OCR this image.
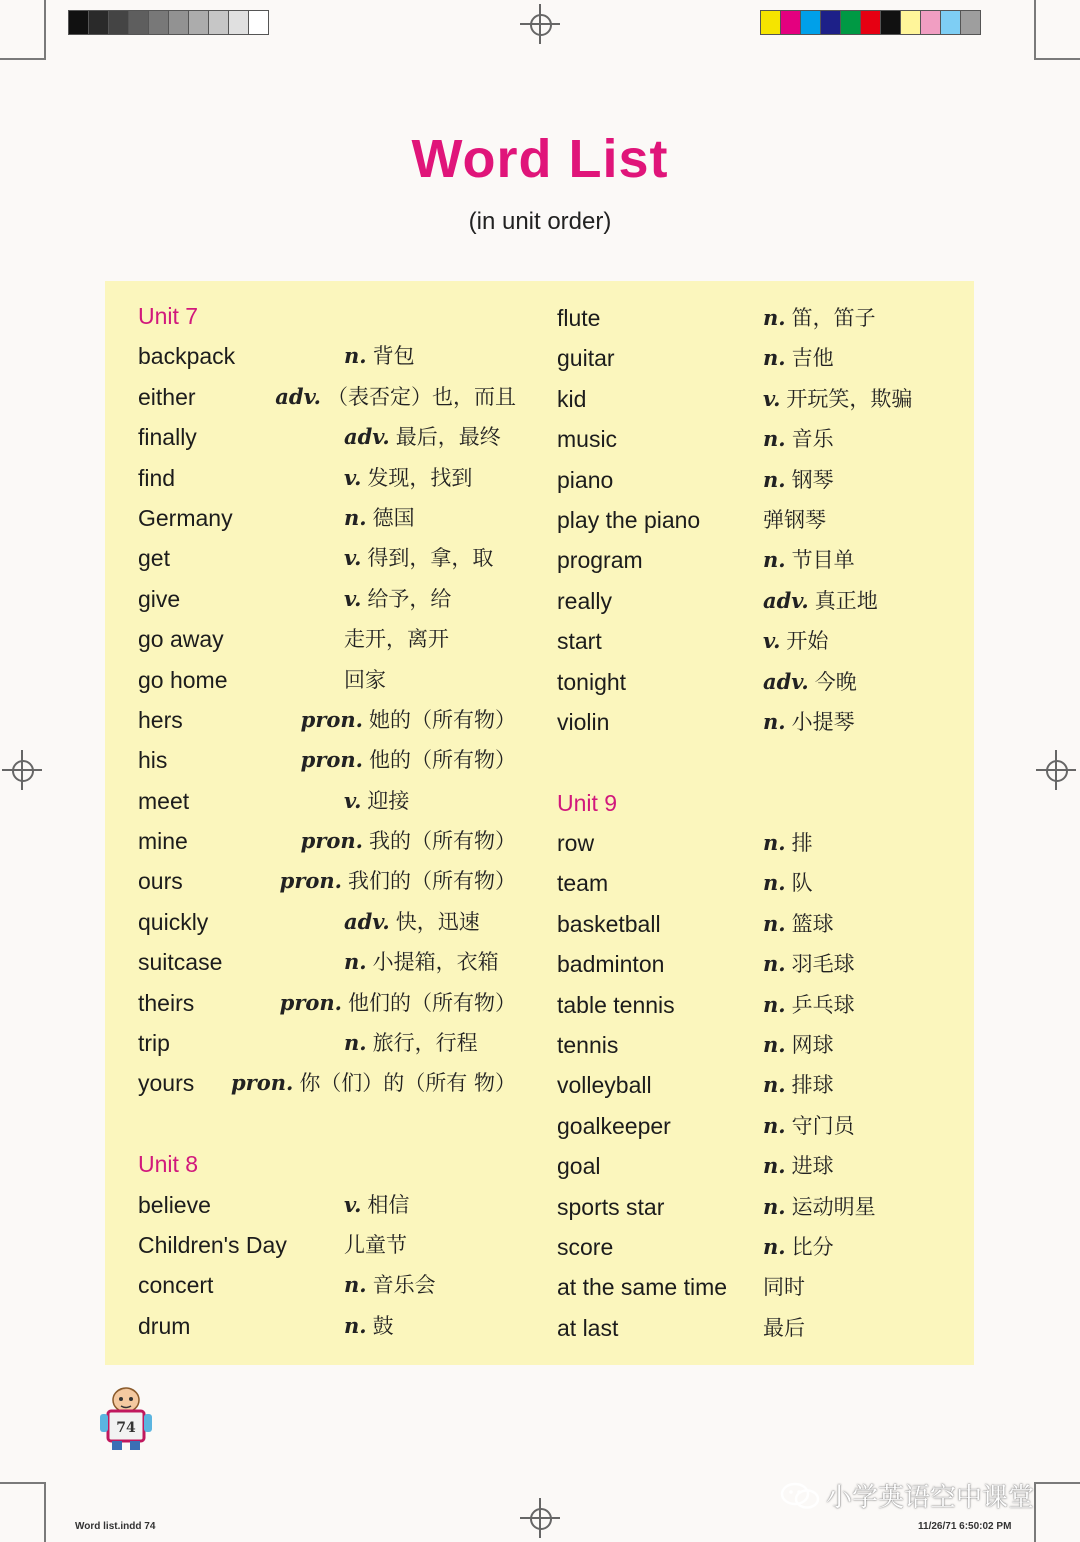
Word List
(in unit order)
Unit 7
backpack	n. 背包
either	adv. （表否定）也，而且
finally	adv. 最后，最终
find	v. 发现，找到
Germany	n. 德国
get	v. 得到，拿，取
give	v. 给予，给
go away	走开，离开
go home	回家
hers	pron. 她的（所有物）
his	pron. 他的（所有物）
meet	v. 迎接
mine	pron. 我的（所有物）
ours	pron. 我们的（所有物）
quickly	adv. 快，迅速
suitcase	n. 小提箱，衣箱
theirs	pron. 他们的（所有物）
trip	n. 旅行，行程
yours pron. 你（们）的（所有 物）
Unit 8
believe	v. 相信
Children's Day	儿童节
concert	n. 音乐会
drum	n. 鼓
flute	n. 笛，笛子
guitar	n. 吉他
kid	v. 开玩笑，欺骗
music	n. 音乐
piano	n. 钢琴
play the piano	弹钢琴
program	n. 节目单
really	adv. 真正地
start	v. 开始
tonight	adv. 今晚
violin	n. 小提琴
Unit 9
row	n. 排
team	n. 队
basketball	n. 篮球
badminton	n. 羽毛球
table tennis	n. 乒乓球
tennis	n. 网球
volleyball	n. 排球
goalkeeper	n. 守门员
goal	n. 进球
sports star	n. 运动明星
score	n. 比分
at the same time 同时
at last	最后
74
Word list.indd 74	11/26/71 6:50:02 PM
小学英语空中课堂
